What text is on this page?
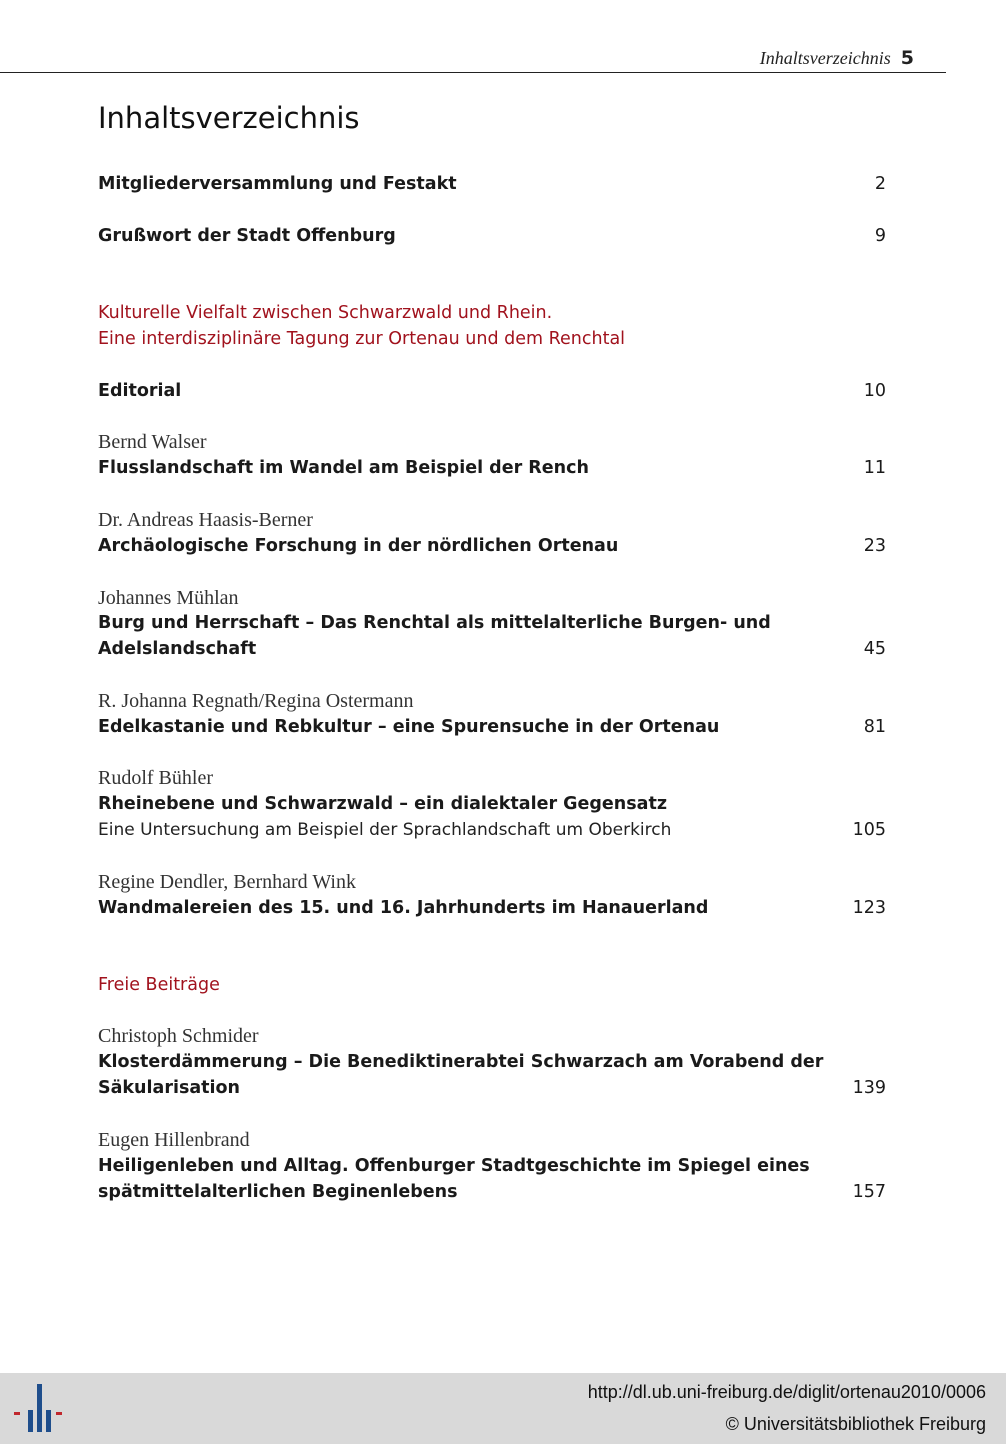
Inhaltsverzeichnis 5
Inhaltsverzeichnis
Mitgliederversammlung und Festakt	2
Grußwort der Stadt Offenburg	9
Kulturelle Vielfalt zwischen Schwarzwald und Rhein.
Eine interdisziplinäre Tagung zur Ortenau und dem Renchtal
Editorial	10
Bernd Walser
Flusslandschaft im Wandel am Beispiel der Rench	11
Dr. Andreas Haasis-Berner
Archäologische Forschung in der nördlichen Ortenau	23
Johannes Mühlan
Burg und Herrschaft – Das Renchtal als mittelalterliche Burgen- und
Adelslandschaft	45
R. Johanna Regnath/Regina Ostermann
Edelkastanie und Rebkultur – eine Spurensuche in der Ortenau	81
Rudolf Bühler
Rheinebene und Schwarzwald – ein dialektaler Gegensatz
Eine Untersuchung am Beispiel der Sprachlandschaft um Oberkirch	105
Regine Dendler, Bernhard Wink
Wandmalereien des 15. und 16. Jahrhunderts im Hanauerland	123
Freie Beiträge
Christoph Schmider
Klosterdämmerung – Die Benediktinerabtei Schwarzach am Vorabend der
Säkularisation	139
Eugen Hillenbrand
Heiligenleben und Alltag. Offenburger Stadtgeschichte im Spiegel eines
spätmittelalterlichen Beginenlebens	157
http://dl.ub.uni-freiburg.de/diglit/ortenau2010/0006
© Universitätsbibliothek Freiburg
